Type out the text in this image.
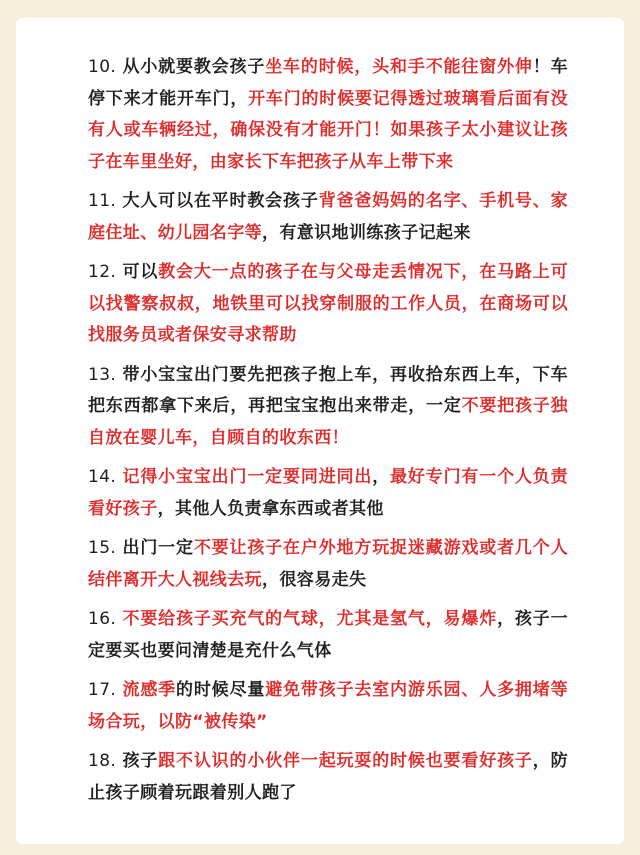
10. 从小就要教会孩子坐车的时候，头和手不能往窗外伸！车停下来才能开车门，开车门的时候要记得透过玻璃看后面有没有人或车辆经过，确保没有才能开门！如果孩子太小建议让孩子在车里坐好，由家长下车把孩子从车上带下来
11. 大人可以在平时教会孩子背爸爸妈妈的名字、手机号、家庭住址、幼儿园名字等，有意识地训练孩子记起来
12. 可以教会大一点的孩子在与父母走丢情况下，在马路上可以找警察叔叔，地铁里可以找穿制服的工作人员，在商场可以找服务员或者保安寻求帮助
13. 带小宝宝出门要先把孩子抱上车，再收拾东西上车，下车把东西都拿下来后，再把宝宝抱出来带走，一定不要把孩子独自放在婴儿车，自顾自的收东西！
14. 记得小宝宝出门一定要同进同出，最好专门有一个人负责看好孩子，其他人负责拿东西或者其他
15. 出门一定不要让孩子在户外地方玩捉迷藏游戏或者几个人结伴离开大人视线去玩，很容易走失
16. 不要给孩子买充气的气球，尤其是氢气，易爆炸，孩子一定要买也要问清楚是充什么气体
17. 流感季的时候尽量避免带孩子去室内游乐园、人多拥堵等场合玩，以防“被传染”
18. 孩子跟不认识的小伙伴一起玩耍的时候也要看好孩子，防止孩子顾着玩跟着别人跑了
